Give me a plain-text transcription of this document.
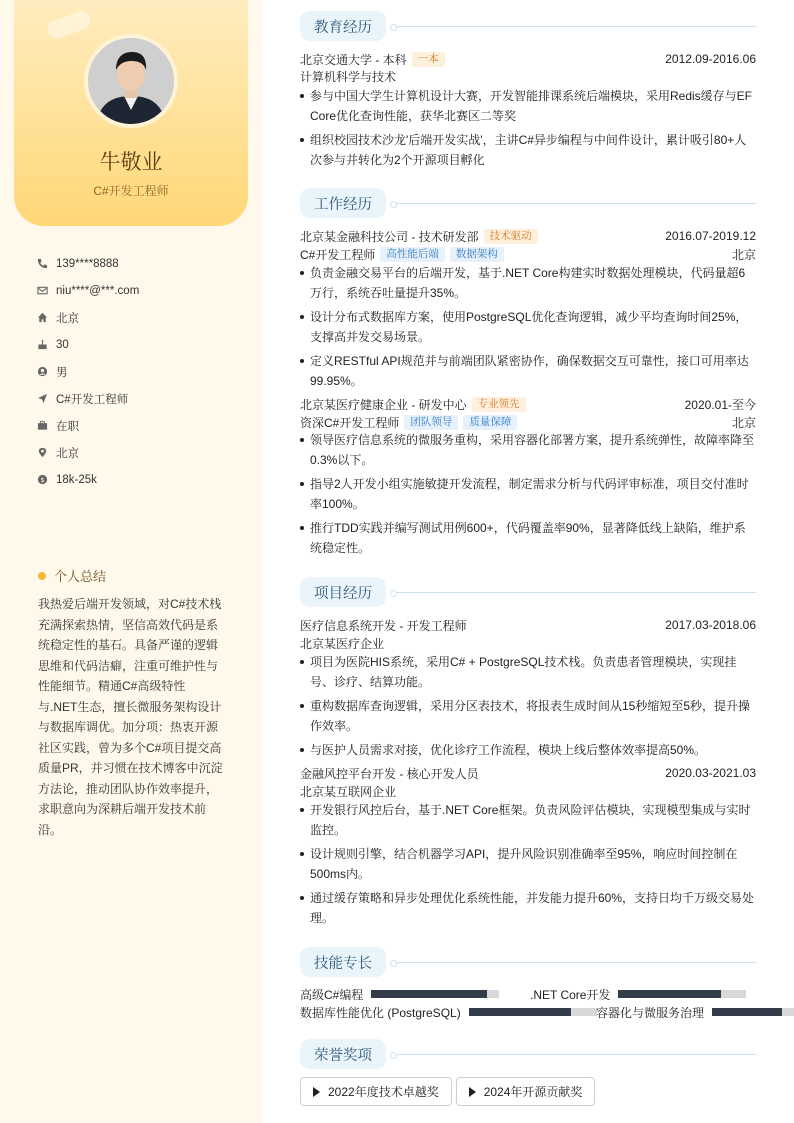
牛敬业
C#开发工程师
139****8888
niu****@***.com
北京
30
男
C#开发工程师
在职
北京
$ 18k-25k
个人总结

我热爱后端开发领域，对C#技术栈充满探索热情，坚信高效代码是系统稳定性的基石。具备严谨的逻辑思维和代码洁癖，注重可维护性与性能细节。精通C#高级特性与.NET生态，擅长微服务架构设计与数据库调优。加分项：热衷开源社区实践，曾为多个C#项目提交高质量PR，并习惯在技术博客中沉淀方法论，推动团队协作效率提升，求职意向为深耕后端开发技术前沿。

教育经历
北京交通大学 - 本科	一本	2012.09-2016.06
计算机科学与技术
参与中国大学生计算机设计大赛，开发智能排课系统后端模块，采用Redis缓存与EF Core优化查询性能，获华北赛区二等奖
组织校园技术沙龙'后端开发实战'，主讲C#异步编程与中间件设计，累计吸引80+人次参与并转化为2个开源项目孵化
工作经历
北京某金融科技公司 - 技术研发部	技术驱动	2016.07-2019.12
C#开发工程师	高性能后端	数据架构	北京
负责金融交易平台的后端开发，基于.NET Core构建实时数据处理模块，代码量超6万行，系统吞吐量提升35%。
设计分布式数据库方案，使用PostgreSQL优化查询逻辑，减少平均查询时间25%，支撑高并发交易场景。
定义RESTful API规范并与前端团队紧密协作，确保数据交互可靠性，接口可用率达99.95%。
北京某医疗健康企业 - 研发中心	专业领先	2020.01-至今
资深C#开发工程师	团队领导	质量保障	北京
领导医疗信息系统的微服务重构，采用容器化部署方案，提升系统弹性，故障率降至0.3%以下。
指导2人开发小组实施敏捷开发流程，制定需求分析与代码评审标准，项目交付准时率100%。
推行TDD实践并编写测试用例600+，代码覆盖率90%，显著降低线上缺陷，维护系统稳定性。
项目经历
医疗信息系统开发 - 开发工程师	2017.03-2018.06
北京某医疗企业
项目为医院HIS系统，采用C# + PostgreSQL技术栈。负责患者管理模块，实现挂号、诊疗、结算功能。
重构数据库查询逻辑，采用分区表技术，将报表生成时间从15秒缩短至5秒，提升操作效率。
与医护人员需求对接，优化诊疗工作流程，模块上线后整体效率提高50%。
金融风控平台开发 - 核心开发人员	2020.03-2021.03
北京某互联网企业
开发银行风控后台，基于.NET Core框架。负责风险评估模块，实现模型集成与实时监控。
设计规则引擎，结合机器学习API，提升风险识别准确率至95%，响应时间控制在500ms内。
通过缓存策略和异步处理优化系统性能，并发能力提升60%，支持日均千万级交易处理。
技能专长
高级C#编程	.NET Core开发
数据库性能优化 (PostgreSQL)	容器化与微服务治理
荣誉奖项
2022年度技术卓越奖	2024年开源贡献奖
